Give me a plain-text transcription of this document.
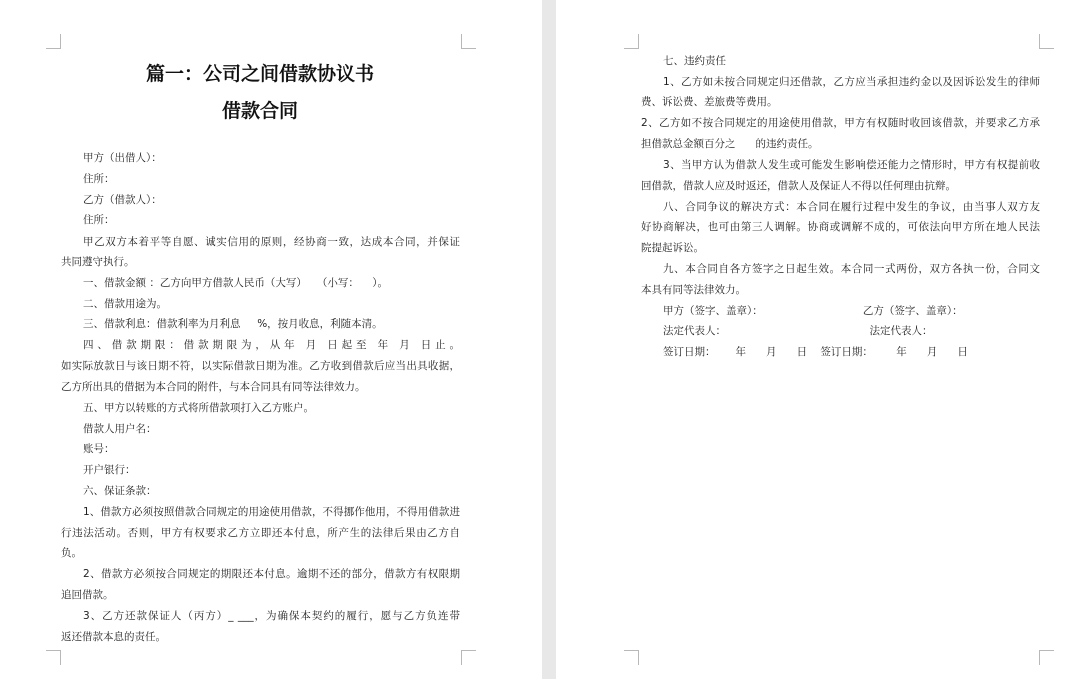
篇一：公司之间借款协议书
借款合同
甲方（出借人）：
住所：
乙方（借款人）：
住所：
甲乙双方本着平等自愿、诚实信用的原则，经协商一致，达成本合同，并保证
共同遵守执行。
一、借款金额 ：乙方向甲方借款人民币（大写）   （小写：    ）。
二、借款用途为。
三、借款利息：借款利率为月利息     %，按月收息，利随本清。
四、借款期限：借款期限为，从年 月 日起至 年 月 日止。
如实际放款日与该日期不符，以实际借款日期为准。乙方收到借款后应当出具收据，
乙方所出具的借据为本合同的附件，与本合同具有同等法律效力。
五、甲方以转账的方式将所借款项打入乙方账户。
借款人用户名：
账号：
开户银行：
六、保证条款：
1、借款方必须按照借款合同规定的用途使用借款，不得挪作他用，不得用借款进
行违法活动。否则，甲方有权要求乙方立即还本付息，所产生的法律后果由乙方自
负。
2、借款方必须按合同规定的期限还本付息。逾期不还的部分，借款方有权限期
追回借款。
3、乙方还款保证人（丙方）_ ___，为确保本契约的履行，愿与乙方负连带
返还借款本息的责任。
七、违约责任
1、乙方如未按合同规定归还借款，乙方应当承担违约金以及因诉讼发生的律师
费、诉讼费、差旅费等费用。
2、乙方如不按合同规定的用途使用借款，甲方有权随时收回该借款，并要求乙方承
担借款总金额百分之      的违约责任。
3、当甲方认为借款人发生或可能发生影响偿还能力之情形时，甲方有权提前收
回借款，借款人应及时返还，借款人及保证人不得以任何理由抗辩。
八、合同争议的解决方式：本合同在履行过程中发生的争议，由当事人双方友
好协商解决，也可由第三人调解。协商或调解不成的，可依法向甲方所在地人民法
院提起诉讼。
九、本合同自各方签字之日起生效。本合同一式两份，双方各执一份，合同文
本具有同等法律效力。
甲方（签字、盖章）：                              乙方（签字、盖章）：
法定代表人：                                           法定代表人：
签订日期：      年      月      日    签订日期：       年      月      日
